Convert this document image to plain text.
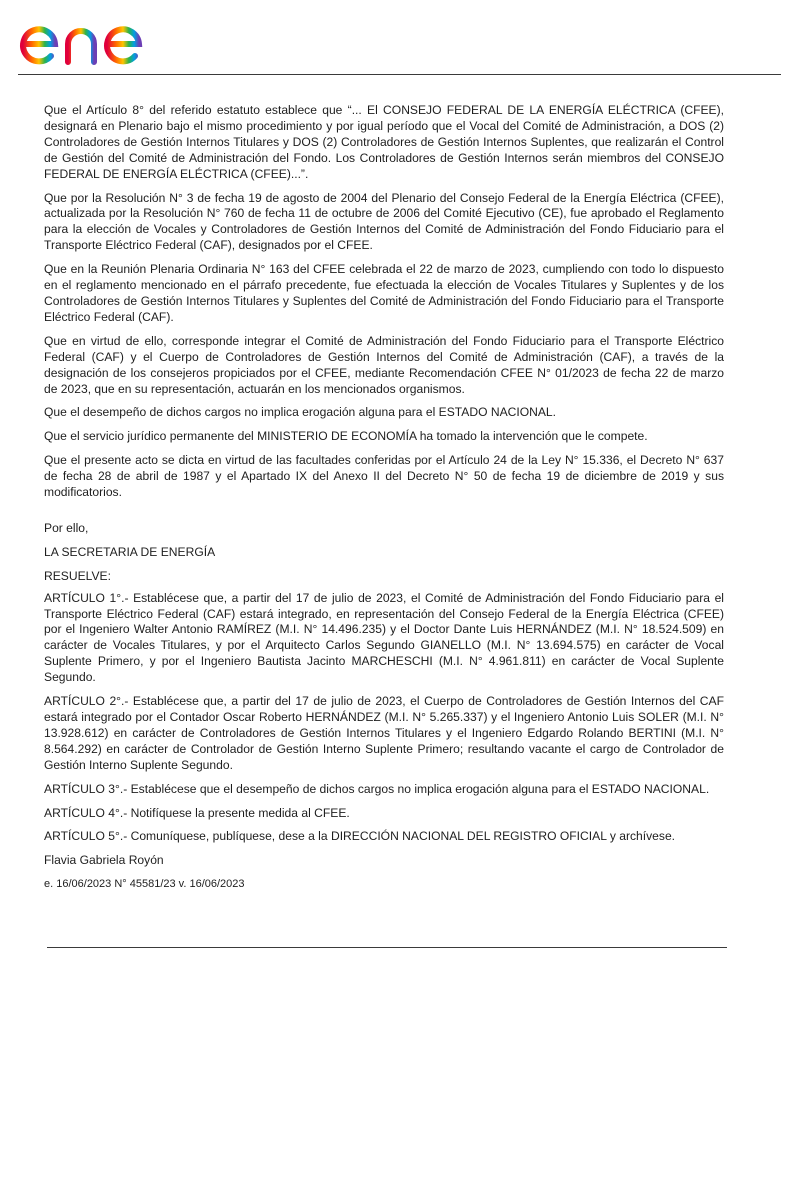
Que el Artículo 8° del referido estatuto establece que “... El CONSEJO FEDERAL DE LA ENERGÍA ELÉCTRICA (CFEE), designará en Plenario bajo el mismo procedimiento y por igual período que el Vocal del Comité de Administración, a DOS (2) Controladores de Gestión Internos Titulares y DOS (2) Controladores de Gestión Internos Suplentes, que realizarán el Control de Gestión del Comité de Administración del Fondo. Los Controladores de Gestión Internos serán miembros del CONSEJO FEDERAL DE ENERGÍA ELÉCTRICA (CFEE)...”.

Que por la Resolución N° 3 de fecha 19 de agosto de 2004 del Plenario del Consejo Federal de la Energía Eléctrica (CFEE), actualizada por la Resolución N° 760 de fecha 11 de octubre de 2006 del Comité Ejecutivo (CE), fue aprobado el Reglamento para la elección de Vocales y Controladores de Gestión Internos del Comité de Administración del Fondo Fiduciario para el Transporte Eléctrico Federal (CAF), designados por el CFEE.

Que en la Reunión Plenaria Ordinaria N° 163 del CFEE celebrada el 22 de marzo de 2023, cumpliendo con todo lo dispuesto en el reglamento mencionado en el párrafo precedente, fue efectuada la elección de Vocales Titulares y Suplentes y de los Controladores de Gestión Internos Titulares y Suplentes del Comité de Administración del Fondo Fiduciario para el Transporte Eléctrico Federal (CAF).

Que en virtud de ello, corresponde integrar el Comité de Administración del Fondo Fiduciario para el Transporte Eléctrico Federal (CAF) y el Cuerpo de Controladores de Gestión Internos del Comité de Administración (CAF), a través de la designación de los consejeros propiciados por el CFEE, mediante Recomendación CFEE N° 01/2023 de fecha 22 de marzo de 2023, que en su representación, actuarán en los mencionados organismos.

Que el desempeño de dichos cargos no implica erogación alguna para el ESTADO NACIONAL.

Que el servicio jurídico permanente del MINISTERIO DE ECONOMÍA ha tomado la intervención que le compete.

Que el presente acto se dicta en virtud de las facultades conferidas por el Artículo 24 de la Ley N° 15.336, el Decreto N° 637 de fecha 28 de abril de 1987 y el Apartado IX del Anexo II del Decreto N° 50 de fecha 19 de diciembre de 2019 y sus modificatorios.

Por ello,

LA SECRETARIA DE ENERGÍA

RESUELVE:

ARTÍCULO 1°.- Establécese que, a partir del 17 de julio de 2023, el Comité de Administración del Fondo Fiduciario para el Transporte Eléctrico Federal (CAF) estará integrado, en representación del Consejo Federal de la Energía Eléctrica (CFEE) por el Ingeniero Walter Antonio RAMÍREZ (M.I. N° 14.496.235) y el Doctor Dante Luis HERNÁNDEZ (M.I. N° 18.524.509) en carácter de Vocales Titulares, y por el Arquitecto Carlos Segundo GIANELLO (M.I. N° 13.694.575) en carácter de Vocal Suplente Primero, y por el Ingeniero Bautista Jacinto MARCHESCHI (M.I. N° 4.961.811) en carácter de Vocal Suplente Segundo.

ARTÍCULO 2°.- Establécese que, a partir del 17 de julio de 2023, el Cuerpo de Controladores de Gestión Internos del CAF estará integrado por el Contador Oscar Roberto HERNÁNDEZ (M.I. N° 5.265.337) y el Ingeniero Antonio Luis SOLER (M.I. N° 13.928.612) en carácter de Controladores de Gestión Internos Titulares y el Ingeniero Edgardo Rolando BERTINI (M.I. N° 8.564.292) en carácter de Controlador de Gestión Interno Suplente Primero; resultando vacante el cargo de Controlador de Gestión Interno Suplente Segundo.

ARTÍCULO 3°.- Establécese que el desempeño de dichos cargos no implica erogación alguna para el ESTADO NACIONAL.

ARTÍCULO 4°.- Notifíquese la presente medida al CFEE.

ARTÍCULO 5°.- Comuníquese, publíquese, dese a la DIRECCIÓN NACIONAL DEL REGISTRO OFICIAL y archívese.

Flavia Gabriela Royón

e. 16/06/2023 N° 45581/23 v. 16/06/2023
